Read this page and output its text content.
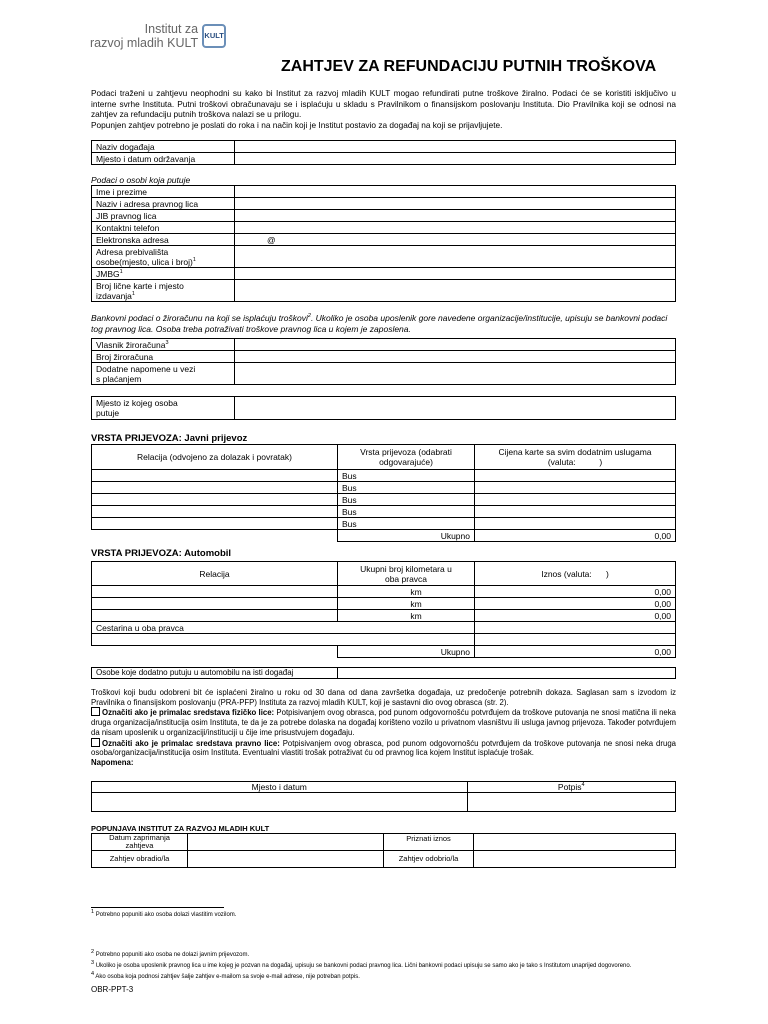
Institut za
razvoj mladih KULT
KULT
ZAHTJEV ZA REFUNDACIJU PUTNIH TROŠKOVA
Podaci traženi u zahtjevu neophodni su kako bi Institut za razvoj mladih KULT mogao refundirati putne troškove žiralno. Podaci će se koristiti isključivo u interne svrhe Instituta. Putni troškovi obračunavaju se i isplaćuju u skladu s Pravilnikom o finansijskom poslovanju Instituta. Dio Pravilnika koji se odnosi na zahtjev za refundaciju putnih troškova nalazi se u prilogu.
Popunjen zahtjev potrebno je poslati do roka i na način koji je Institut postavio za događaj na koji se prijavljujete.
Naziv događaja	
Mjesto i datum održavanja	
Podaci o osobi koja putuje
Ime i prezime	
Naziv i adresa pravnog lica	
JIB pravnog lica	
Kontaktni telefon	
Elektronska adresa	@
Adresa prebivališta
osobe(mjesto, ulica i broj)$^1$	
JMBG$^1$	
Broj lične karte i mjesto
izdavanja$^1$	
Bankovni podaci o žiroračunu na koji se isplaćuju troškovi$^2$. Ukoliko je osoba uposlenik gore navedene organizacije/institucije, upisuju se bankovni podaci tog pravnog lica. Osoba treba potraživati troškove pravnog lica u kojem je zaposlena.
Vlasnik žiroračuna$^3$	
Broj žiroračuna	
Dodatne napomene u vezi
s plaćanjem	
Mjesto iz kojeg osoba
putuje	
VRSTA PRIJEVOZA: Javni prijevoz
Relacija (odvojeno za dolazak i povratak)	Vrsta prijevoza (odabrati
odgovarajuće)	Cijena karte sa svim dodatnim uslugama
(valuta:          )
	Bus	
	Bus	
	Bus	
	Bus	
	Bus	
	Ukupno	0,00
VRSTA PRIJEVOZA: Automobil
Relacija	Ukupni broj kilometara u
oba pravca	Iznos (valuta:      )
	km	0,00
	km	0,00
	km	0,00
Cestarina u oba pravca		

	Ukupno	0,00
Osobe koje dodatno putuju u automobilu na isti događaj	
Troškovi koji budu odobreni bit će isplaćeni žiralno u roku od 30 dana od dana završetka događaja, uz predočenje potrebnih dokaza. Saglasan sam s izvodom iz Pravilnika o finansijskom poslovanju (PRA-PFP) Instituta za razvoj mladih KULT, koji je sastavni dio ovog obrasca (str. 2).
Označiti ako je primalac sredstava fizičko lice: Potpisivanjem ovog obrasca, pod punom odgovornošću potvrđujem da troškove putovanja ne snosi matična ili neka druga organizacija/institucija osim Instituta, te da je za potrebe dolaska na događaj korišteno vozilo u privatnom vlasništvu ili usluga javnog prijevoza. Također potvrđujem da nisam uposlenik u organizaciji/instituciji u čije ime prisustvujem događaju.
Označiti ako je primalac sredstava pravno lice: Potpisivanjem ovog obrasca, pod punom odgovornošću potvrđujem da troškove putovanja ne snosi neka druga osoba/organizacija/institucija osim Instituta. Eventualni vlastiti trošak potraživat ću od pravnog lica kojem Institut isplaćuje trošak.
Napomena:
Mjesto i datum	Potpis$^4$

POPUNJAVA INSTITUT ZA RAZVOJ MLADIH KULT
Datum zaprimanja
zahtjeva		Priznati iznos	
Zahtjev obradio/la		Zahtjev odobrio/la	
$^1$ Potrebno popuniti ako osoba dolazi vlastitim vozilom.
$^2$ Potrebno popuniti ako osoba ne dolazi javnim prijevozom.
$^3$ Ukoliko je osoba uposlenik pravnog lica u ime kojeg je pozvan na događaj, upisuju se bankovni podaci pravnog lica. Lični bankovni podaci upisuju se samo ako je tako s Institutom unaprijed dogovoreno.
$^4$ Ako osoba koja podnosi zahtjev šalje zahtjev e-mailom sa svoje e-mail adrese, nije potreban potpis.
OBR-PPT-3
